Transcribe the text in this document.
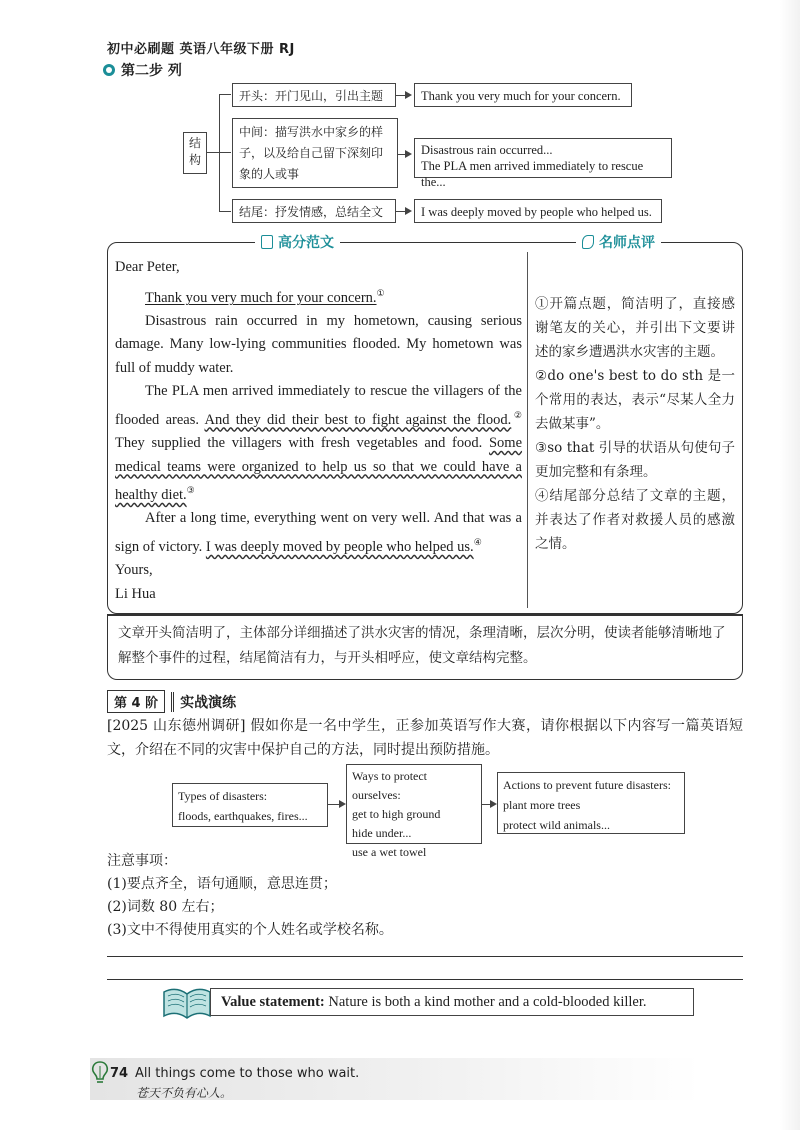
初中必刷题 英语八年级下册 RJ
第二步 列
结构
开头：开门见山，引出主题
中间：描写洪水中家乡的样子，以及给自己留下深刻印象的人或事
结尾：抒发情感，总结全文
Thank you very much for your concern.
Disastrous rain occurred...
The PLA men arrived immediately to rescue the...
I was deeply moved by people who helped us.
高分范文	名师点评

Dear Peter,

Thank you very much for your concern.①

Disastrous rain occurred in my hometown, causing serious damage. Many low-lying communities flooded. My hometown was full of muddy water.

The PLA men arrived immediately to rescue the villagers of the flooded areas. And they did their best to fight against the flood.② They supplied the villagers with fresh vegetables and food. Some medical teams were organized to help us so that we could have a healthy diet.③

After a long time, everything went on very well. And that was a sign of victory. I was deeply moved by people who helped us.④

Yours,

Li Hua

①开篇点题，简洁明了，直接感谢笔友的关心，并引出下文要讲述的家乡遭遇洪水灾害的主题。

②do one's best to do sth 是一个常用的表达，表示“尽某人全力去做某事”。

③so that 引导的状语从句使句子更加完整和有条理。

④结尾部分总结了文章的主题，并表达了作者对救援人员的感激之情。

文章开头简洁明了，主体部分详细描述了洪水灾害的情况，条理清晰，层次分明，使读者能够清晰地了解整个事件的过程，结尾简洁有力，与开头相呼应，使文章结构完整。
第 4 阶	实战演练
[2025 山东德州调研] 假如你是一名中学生，正参加英语写作大赛，请你根据以下内容写一篇英语短文，介绍在不同的灾害中保护自己的方法，同时提出预防措施。
Types of disasters:
floods, earthquakes, fires...
Ways to protect ourselves:
get to high ground
hide under...
use a wet towel
Actions to prevent future disasters:
plant more trees
protect wild animals...
注意事项：
(1)要点齐全，语句通顺，意思连贯；
(2)词数 80 左右；
(3)文中不得使用真实的个人姓名或学校名称。
Value statement:
Nature is both a kind mother and a cold-blooded killer.
74 All things come to those who wait.
苍天不负有心人。
